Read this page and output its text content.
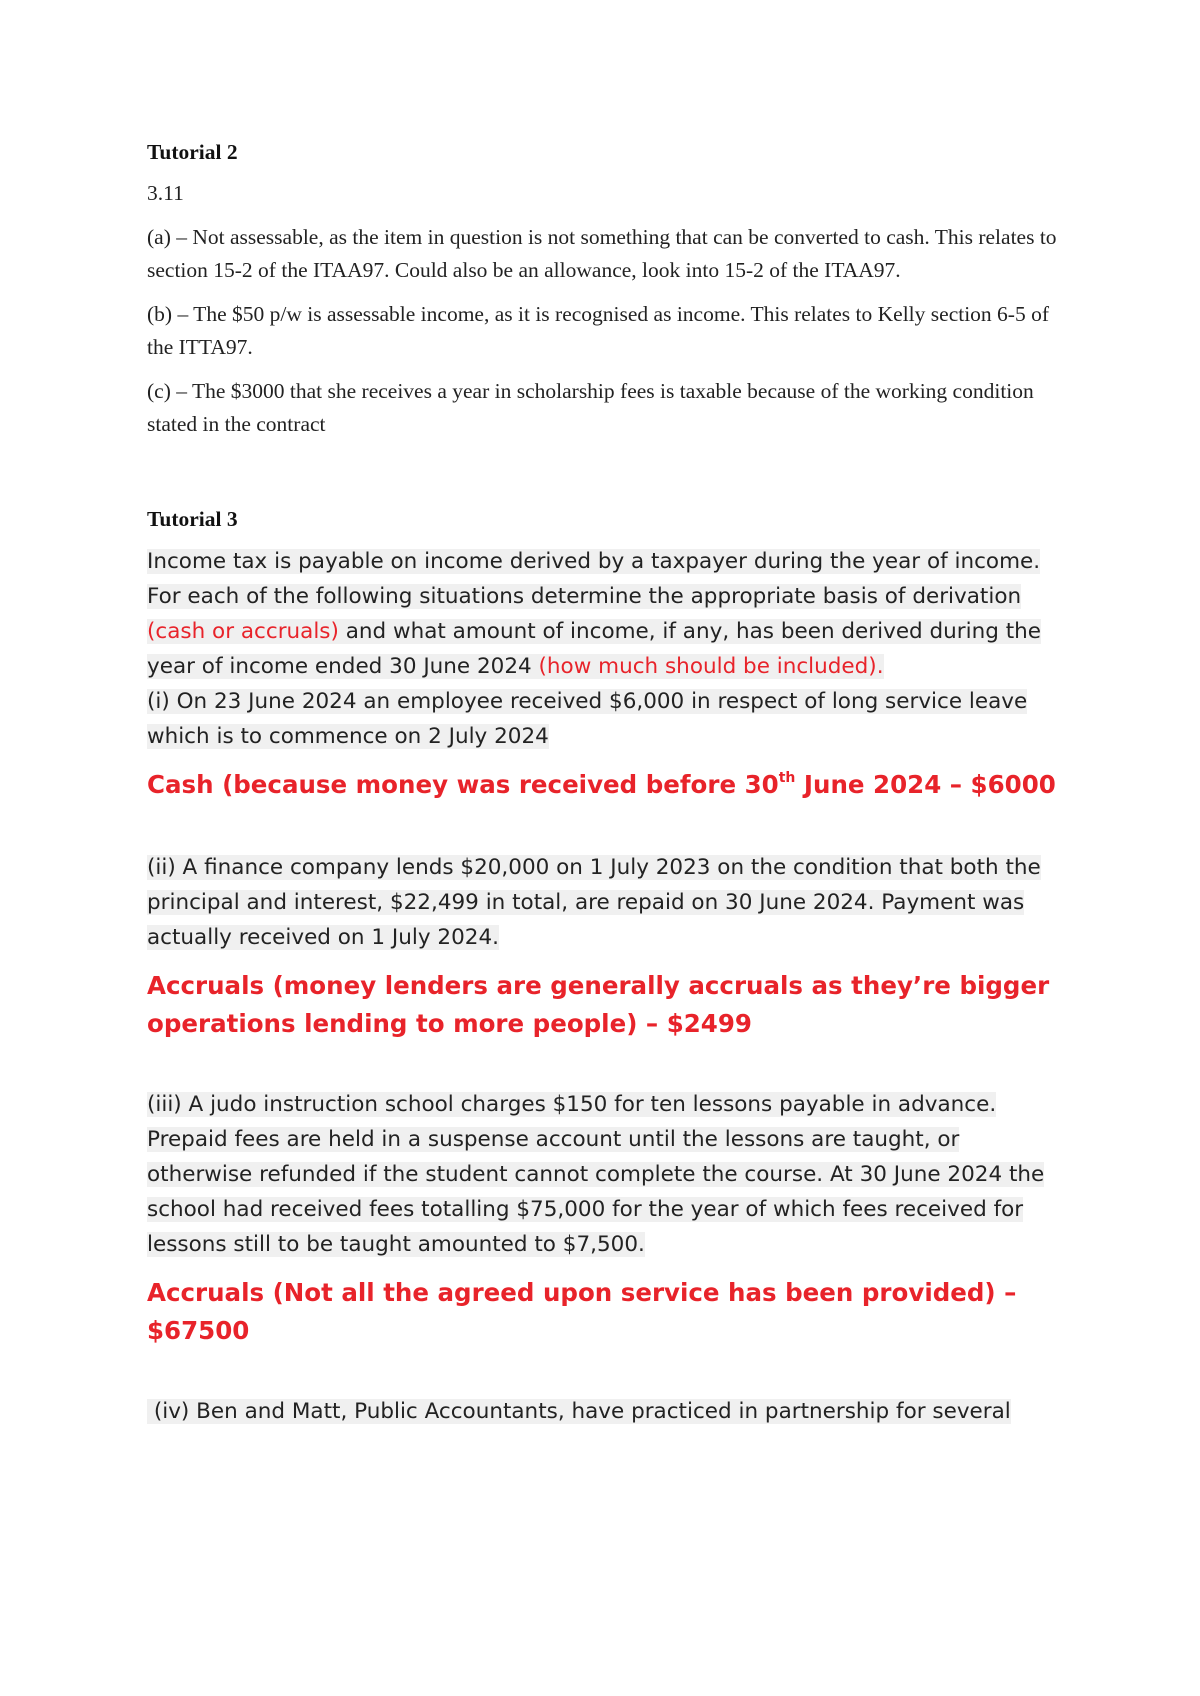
Tutorial 2
3.11
(a) – Not assessable, as the item in question is not something that can be converted to cash. This relates to section 15-2 of the ITAA97. Could also be an allowance, look into 15-2 of the ITAA97.
(b) – The $50 p/w is assessable income, as it is recognised as income. This relates to Kelly section 6-5 of the ITTA97.
(c) – The $3000 that she receives a year in scholarship fees is taxable because of the working condition stated in the contract
Tutorial 3
Income tax is payable on income derived by a taxpayer during the year of income. For each of the following situations determine the appropriate basis of derivation (cash or accruals) and what amount of income, if any, has been derived during the year of income ended 30 June 2024 (how much should be included).
(i) On 23 June 2024 an employee received $6,000 in respect of long service leave which is to commence on 2 July 2024
Cash (because money was received before 30th June 2024 – $6000
(ii) A finance company lends $20,000 on 1 July 2023 on the condition that both the principal and interest, $22,499 in total, are repaid on 30 June 2024. Payment was actually received on 1 July 2024.
Accruals (money lenders are generally accruals as they’re bigger operations lending to more people) – $2499
(iii) A judo instruction school charges $150 for ten lessons payable in advance. Prepaid fees are held in a suspense account until the lessons are taught, or otherwise refunded if the student cannot complete the course. At 30 June 2024 the school had received fees totalling $75,000 for the year of which fees received for lessons still to be taught amounted to $7,500.
Accruals (Not all the agreed upon service has been provided) – $67500
(iv) Ben and Matt, Public Accountants, have practiced in partnership for several
